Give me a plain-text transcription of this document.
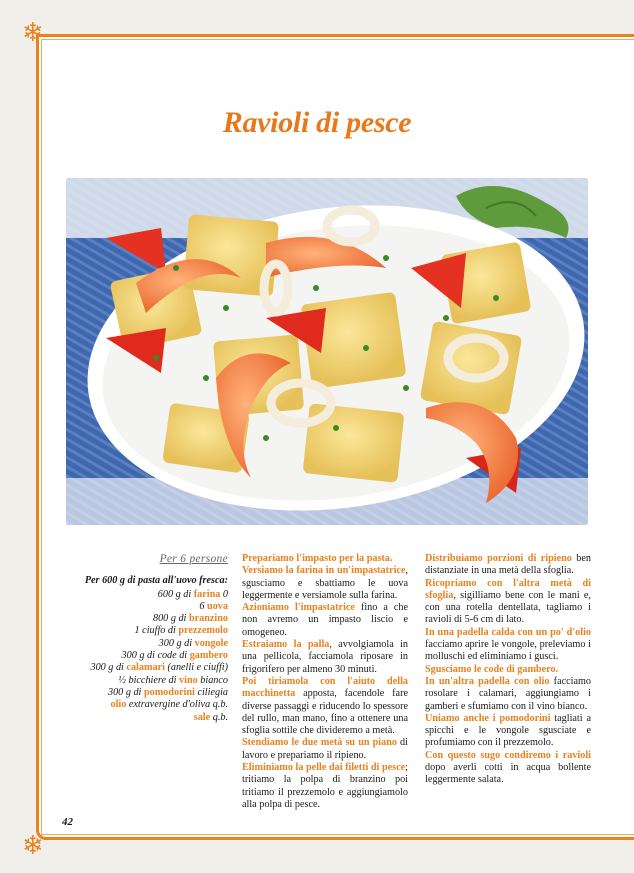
❄
❄
Ravioli di pesce
Per 6 persone
Per 600 g di pasta all'uovo fresca:
600 g di farina 0
6 uova
800 g di branzino
1 ciuffo di prezzemolo
300 g di vongole
300 g di code di gambero
300 g di calamari (anelli e ciuffi)
½ bicchiere di vino bianco
300 g di pomodorini ciliegia
olio extravergine d'oliva q.b.
sale q.b.
Prepariamo l'impasto per la pasta.
Versiamo la farina in un'impastatrice, sgusciamo e sbattiamo le uova leggermente e versiamole sulla farina.
Azioniamo l'impastatrice fino a che non avremo un impasto liscio e omogeneo.
Estraiamo la palla, avvolgiamola in una pellicola, facciamola riposare in frigorifero per almeno 30 minuti.
Poi tiriamola con l'aiuto della macchinetta apposta, facendole fare diverse passaggi e riducendo lo spessore del rullo, man mano, fino a ottenere una sfoglia sottile che divideremo a metà.
Stendiamo le due metà su un piano di lavoro e prepariamo il ripieno.
Eliminiamo la pelle dai filetti di pesce; tritiamo la polpa di branzino poi tritiamo il prezzemolo e aggiungiamolo alla polpa di pesce.

Distribuiamo porzioni di ripieno ben distanziate in una metà della sfoglia.
Ricopriamo con l'altra metà di sfoglia, sigilliamo bene con le mani e, con una rotella dentellata, tagliamo i ravioli di 5-6 cm di lato.
In una padella calda con un po' d'olio facciamo aprire le vongole, preleviamo i molluschi ed eliminiamo i gusci.
Sgusciamo le code di gambero.
In un'altra padella con olio facciamo rosolare i calamari, aggiungiamo i gamberi e sfumiamo con il vino bianco.
Uniamo anche i pomodorini tagliati a spicchi e le vongole sgusciate e profumiamo con il prezzemolo.
Con questo sugo condiremo i ravioli dopo averli cotti in acqua bollente leggermente salata.

42
